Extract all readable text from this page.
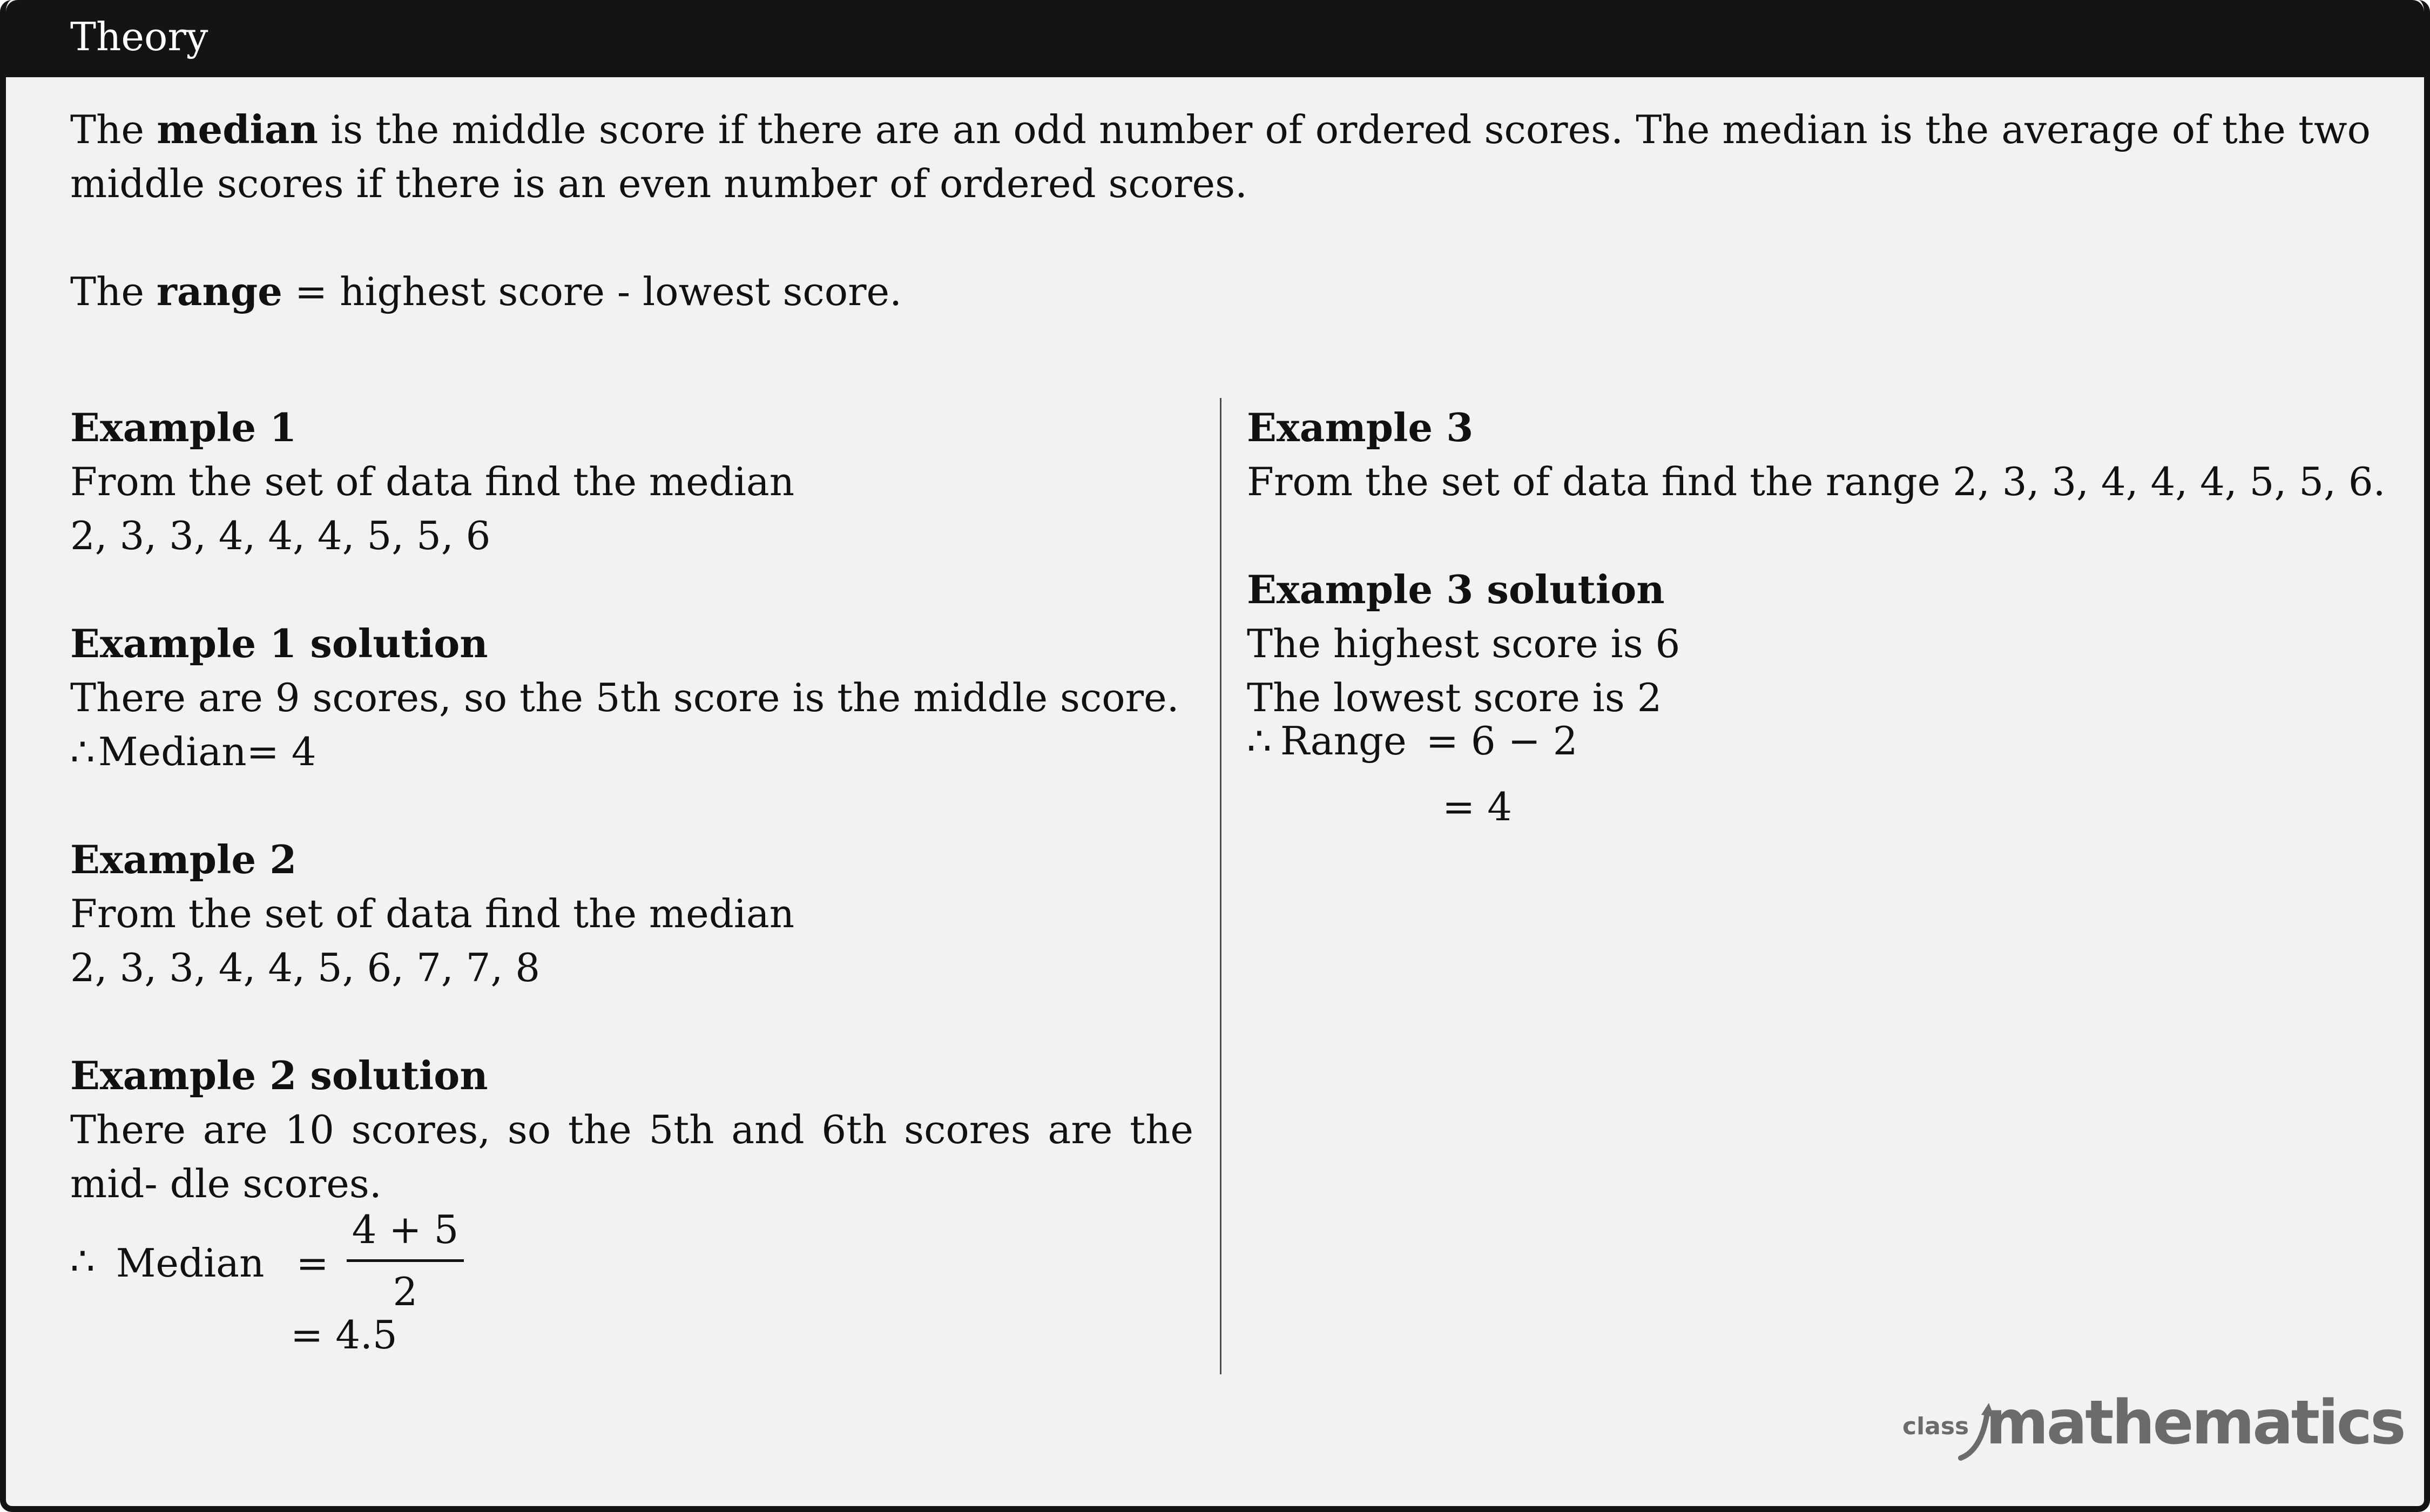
Theory
The median is the middle score if there are an odd number of ordered scores. The median is the average of the two middle scores if there is an even number of ordered scores.
The range = highest score - lowest score.
Example 1
From the set of data find the median
2, 3, 3, 4, 4, 4, 5, 5, 6
Example 1 solution
There are 9 scores, so the 5th score is the middle score.
∴Median= 4
Example 2
From the set of data find the median
2, 3, 3, 4, 4, 5, 6, 7, 7, 8
Example 2 solution
There are 10 scores, so the 5th and 6th scores are the mid- dle scores.
∴ Median = $\frac{4 + 5}{2}$
= 4.5
Example 3
From the set of data find the range 2, 3, 3, 4, 4, 4, 5, 5, 6.
Example 3 solution
The highest score is 6
The lowest score is 2
∴ Range = 6 − 2
= 4
class mathematics
